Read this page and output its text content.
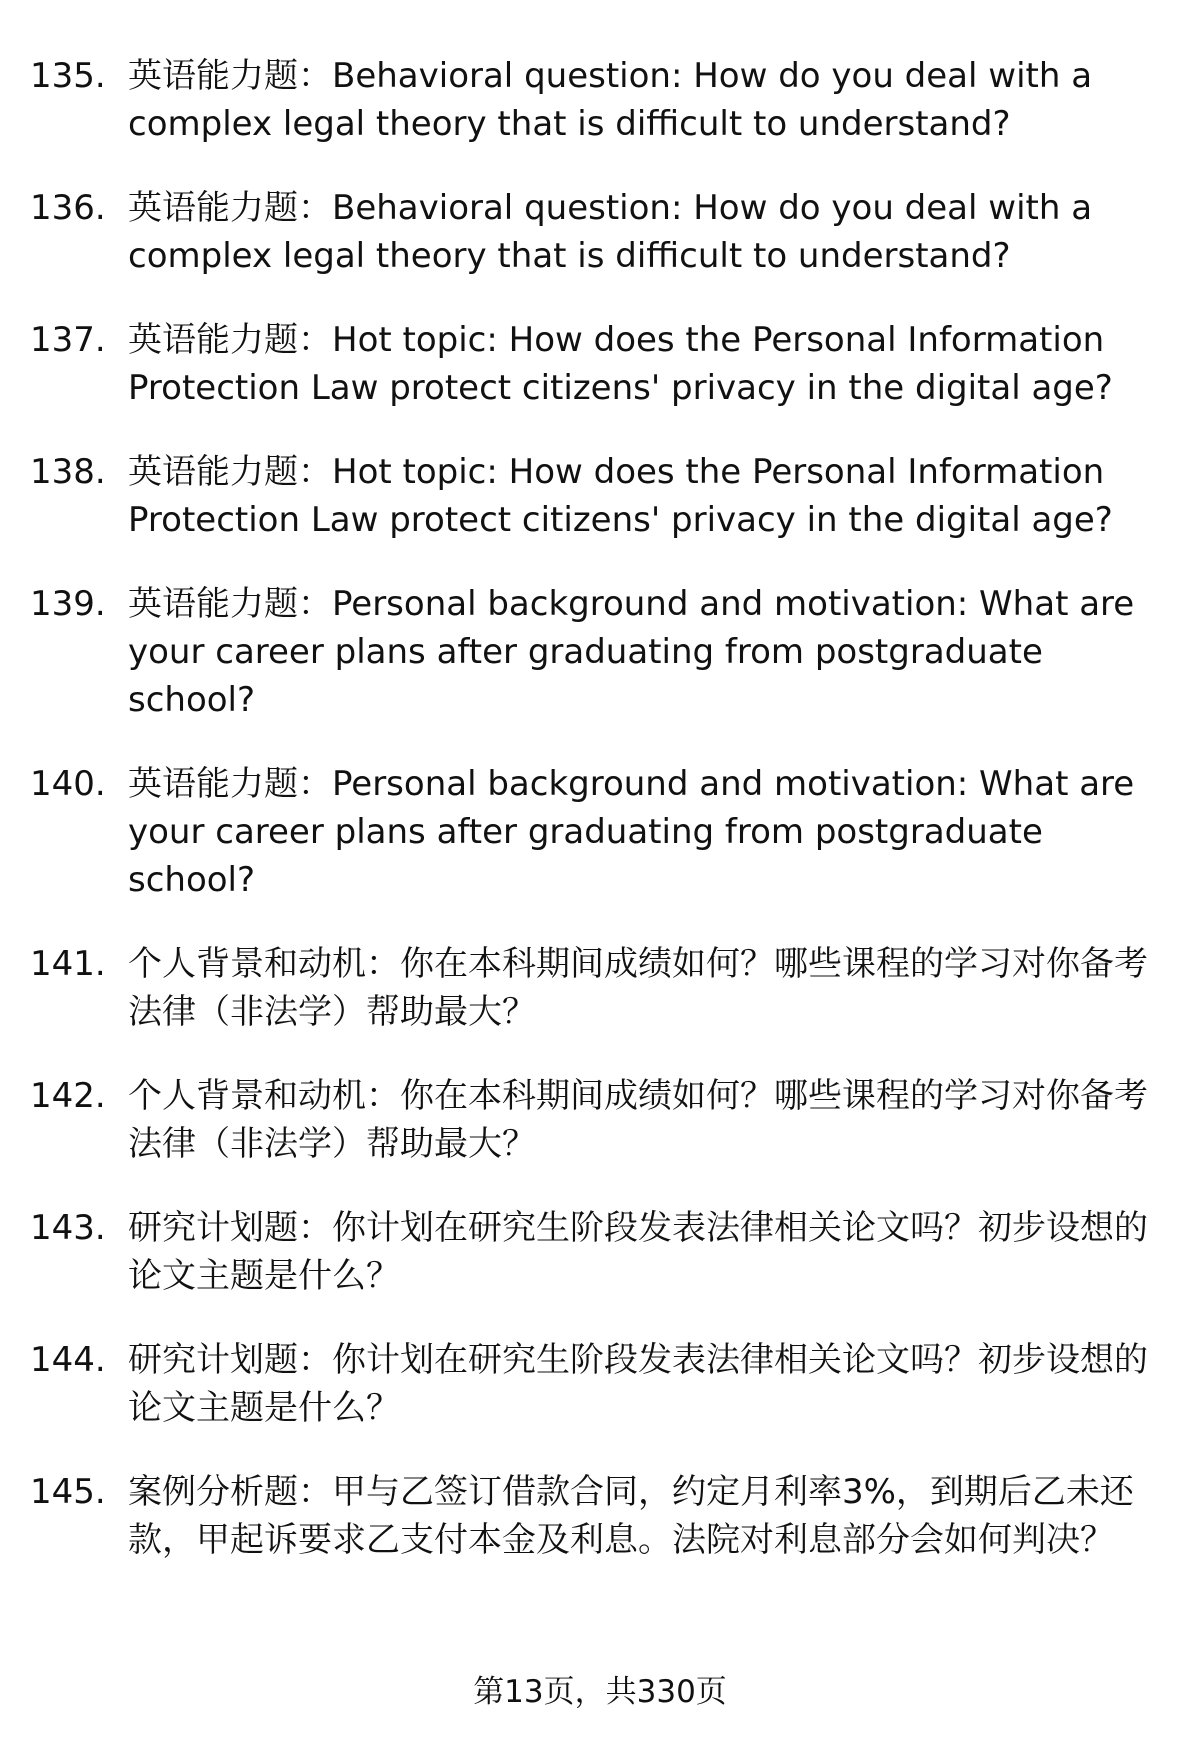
135. 英语能力题：Behavioral question: How do you deal with a complex legal theory that is difficult to understand?
136. 英语能力题：Behavioral question: How do you deal with a complex legal theory that is difficult to understand?
137. 英语能力题：Hot topic: How does the Personal Information Protection Law protect citizens' privacy in the digital age?
138. 英语能力题：Hot topic: How does the Personal Information Protection Law protect citizens' privacy in the digital age?
139. 英语能力题：Personal background and motivation: What are your career plans after graduating from postgraduate school?
140. 英语能力题：Personal background and motivation: What are your career plans after graduating from postgraduate school?
141. 个人背景和动机：你在本科期间成绩如何？哪些课程的学习对你备考法律（非法学）帮助最大？
142. 个人背景和动机：你在本科期间成绩如何？哪些课程的学习对你备考法律（非法学）帮助最大？
143. 研究计划题：你计划在研究生阶段发表法律相关论文吗？初步设想的论文主题是什么？
144. 研究计划题：你计划在研究生阶段发表法律相关论文吗？初步设想的论文主题是什么？
145. 案例分析题：甲与乙签订借款合同，约定月利率3%，到期后乙未还款，甲起诉要求乙支付本金及利息。法院对利息部分会如何判决？
第13页，共330页
